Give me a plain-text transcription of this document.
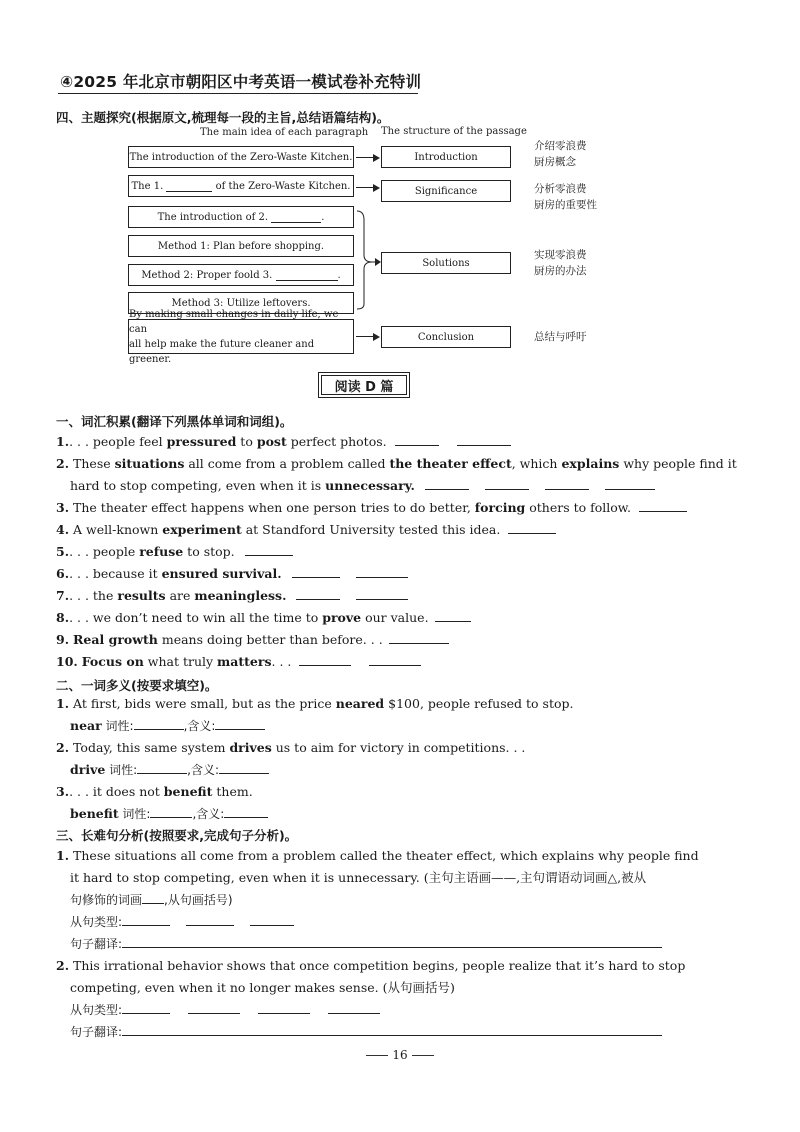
④2025 年北京市朝阳区中考英语一模试卷补充特训
四、主题探究(根据原文,梳理每一段的主旨,总结语篇结构)。
The main idea of each paragraph The structure of the passage
The introduction of the Zero-Waste Kitchen.
The 1.

	of the Zero-Waste Kitchen.
The introduction of 2.
	.
Method 1: Plan before shopping.
Method 2: Proper foold 3.
	.
Method 3: Utilize leftovers.
By making small changes in daily life, we can
all help make the future cleaner and greener.
Introduction
Significance
Solutions
Conclusion
介绍零浪费
厨房概念
分析零浪费
厨房的重要性
实现零浪费
厨房的办法
总结与呼吁
阅读 D 篇
一、词汇积累(翻译下列黑体单词和词组)。
1.. . . people feel pressured to post perfect photos.
2. These situations all come from a problem called the theater effect, which explains why people find it
hard to stop competing, even when it is unnecessary.
3. The theater effect happens when one person tries to do better, forcing others to follow.
4. A well-known experiment at Standford University tested this idea.
5.. . . people refuse to stop.
6.. . . because it ensured survival.
7.. . . the results are meaningless.
8.. . . we don’t need to win all the time to prove our value.
9. Real growth means doing better than before. . .
10. Focus on what truly matters. . .
二、一词多义(按要求填空)。
1. At first, bids were small, but as the price neared $100, people refused to stop.
near 词性:	,含义:
2. Today, this same system drives us to aim for victory in competitions. . .
drive 词性:	,含义:
3.. . . it does not benefit them.
benefit 词性:	,含义:
三、长难句分析(按照要求,完成句子分析)。
1. These situations all come from a problem called the theater effect, which explains why people find
it hard to stop competing, even when it is unnecessary. (主句主语画——,主句谓语动词画△,被从
句修饰的词画 ,从句画括号)
从句类型:
句子翻译:
2. This irrational behavior shows that once competition begins, people realize that it’s hard to stop
competing, even when it no longer makes sense. (从句画括号)
从句类型:
句子翻译:
16
